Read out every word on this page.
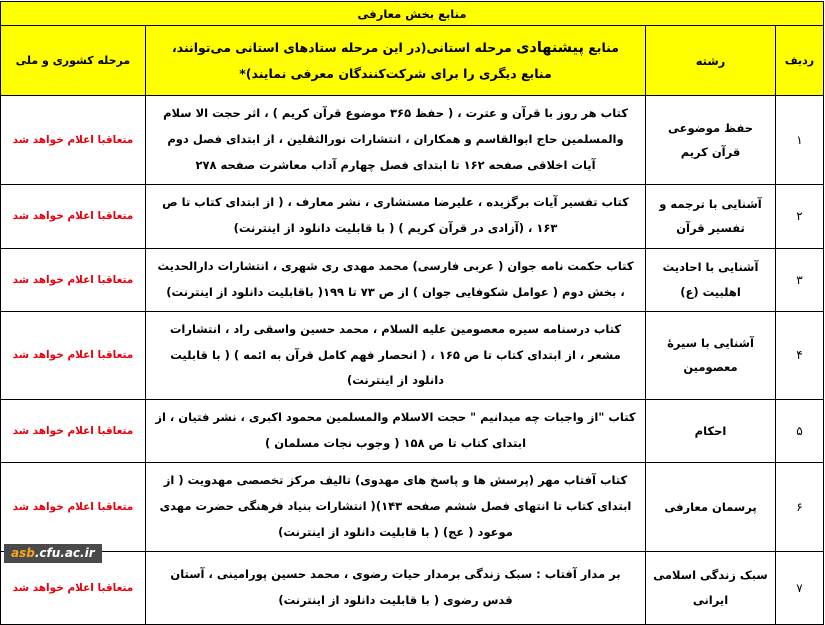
منابع بخش معارفی			
ردیف	رشته	منابع پیشنهادی مرحله استانی(در این مرحله ستادهای استانی می‌توانند، منابع دیگری را برای شرکت‌کنندگان معرفی نمایند)*	مرحله کشوری و ملی
۱	حفظ موضوعی قرآن کریم	کتاب هر روز با قرآن و عترت ، ( حفظ ۳۶۵ موضوع قرآن کریم ) ، اثر حجت الا سلام والمسلمین حاج ابوالقاسم و همکاران ، انتشارات نورالثقلین ، از ابتدای فصل دوم آیات اخلاقی صفحه ۱۶۲ تا ابتدای فصل چهارم آداب معاشرت صفحه ۲۷۸	متعاقبا اعلام خواهد شد
۲	آشنایی با ترجمه و تفسیر قرآن	کتاب تفسیر آیات برگزیده ، علیرضا مستشاری ، نشر معارف ، ( از ابتدای کتاب تا ص ۱۶۳ ، (آزادی در قرآن کریم ) ( با قابلیت دانلود از اینترنت)	متعاقبا اعلام خواهد شد
۳	آشنایی با احادیث اهلبیت (ع)	کتاب حکمت نامه جوان ( عربی فارسی) محمد مهدی ری شهری ، انتشارات دارالحدیث ، بخش دوم ( عوامل شکوفایی جوان ) از ص ۷۳ تا ۱۹۹( باقابلیت دانلود از اینترنت)	متعاقبا اعلام خواهد شد
۴	آشنایی با سیرهٔ معصومین	کتاب درسنامه سیره معصومین علیه السلام ، محمد حسین واسقی راد ، انتشارات مشعر ، از ابتدای کتاب تا ص ۱۶۵ ، ( انحصار فهم کامل قرآن به ائمه ) ( با قابلیت دانلود از اینترنت)	متعاقبا اعلام خواهد شد
۵	احکام	کتاب "از واجبات چه میدانیم " حجت الاسلام والمسلمین محمود اکبری ، نشر فتیان ، از ابتدای کتاب تا ص ۱۵۸ ( وجوب نجات مسلمان )	متعاقبا اعلام خواهد شد
۶	پرسمان معارفی	کتاب آفتاب مهر (پرسش ها و پاسخ های مهدوی) تالیف مرکز تخصصی مهدویت ( از ابتدای کتاب تا انتهای فصل ششم صفحه ۱۴۳)( انتشارات بنیاد فرهنگی حضرت مهدی موعود ( عج) ( با قابلیت دانلود از اینترنت)	متعاقبا اعلام خواهد شد
۷	سبک زندگی اسلامی ایرانی	بر مدار آفتاب : سبک زندگی برمدار حیات رضوی ، محمد حسین پورامینی ، آستان قدس رضوی ( با قابلیت دانلود از اینترنت)	متعاقبا اعلام خواهد شد
asb.cfu.ac.ir
